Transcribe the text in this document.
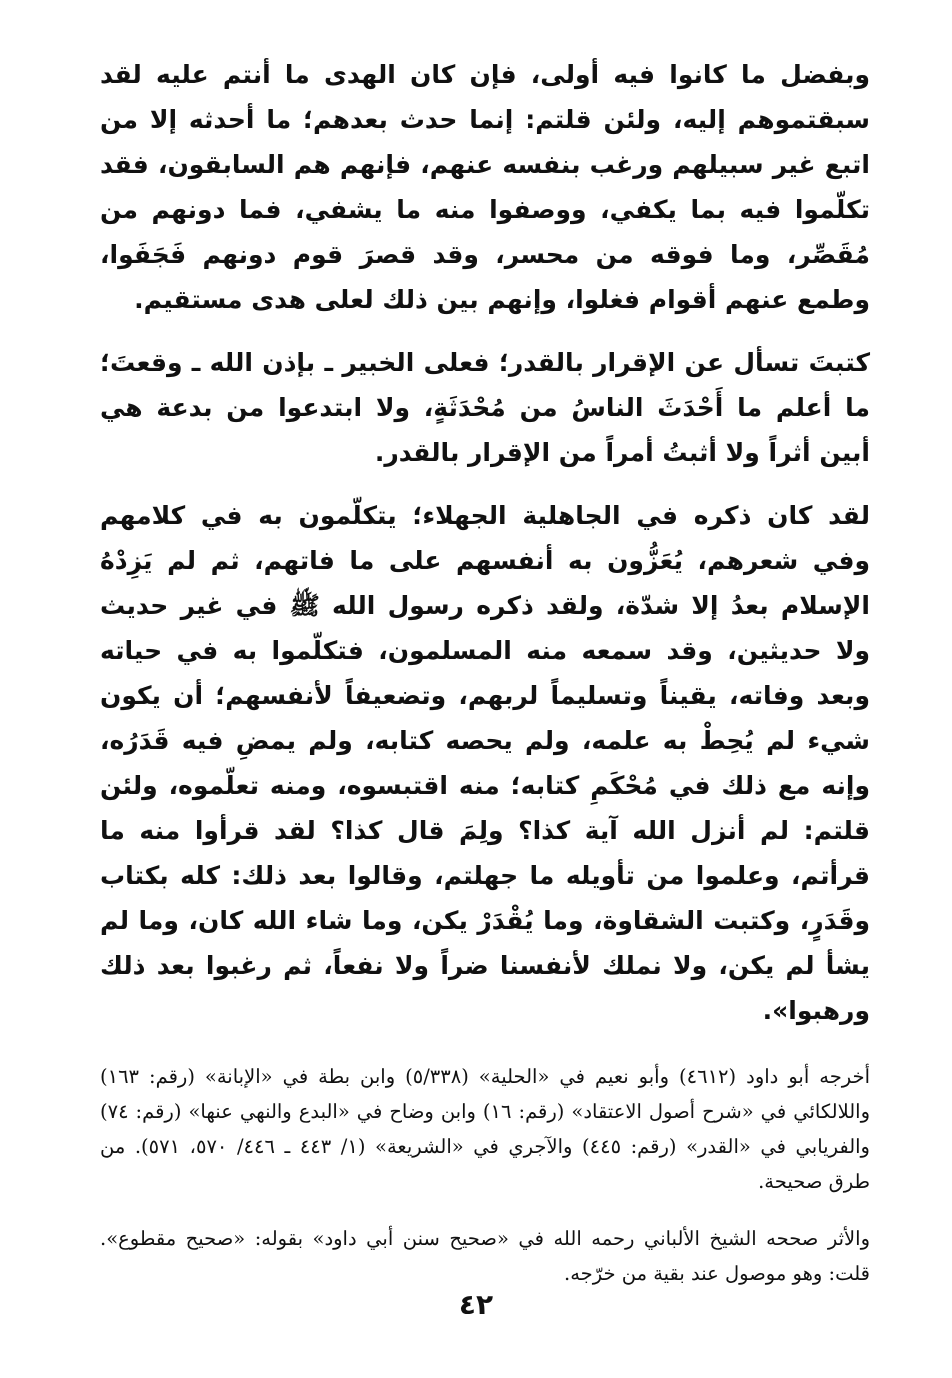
وبفضل ما كانوا فيه أولى، فإن كان الهدى ما أنتم عليه لقد سبقتموهم إليه، ولئن قلتم: إنما حدث بعدهم؛ ما أحدثه إلا من اتبع غير سبيلهم ورغب بنفسه عنهم، فإنهم هم السابقون، فقد تكلّموا فيه بما يكفي، ووصفوا منه ما يشفي، فما دونهم من مُقَصِّر، وما فوقه من محسر، وقد قصرَ قوم دونهم فَجَفَوا، وطمع عنهم أقوام فغلوا، وإنهم بين ذلك لعلى هدى مستقيم.

كتبتَ تسأل عن الإقرار بالقدر؛ فعلى الخبير ـ بإذن الله ـ وقعتَ؛ ما أعلم ما أَحْدَثَ الناسُ من مُحْدَثَةٍ، ولا ابتدعوا من بدعة هي أبين أثراً ولا أثبتُ أمراً من الإقرار بالقدر.

لقد كان ذكره في الجاهلية الجهلاء؛ يتكلّمون به في كلامهم وفي شعرهم، يُعَزُّون به أنفسهم على ما فاتهم، ثم لم يَزِدْهُ الإسلام بعدُ إلا شدّة، ولقد ذكره رسول الله ﷺ في غير حديث ولا حديثين، وقد سمعه منه المسلمون، فتكلّموا به في حياته وبعد وفاته، يقيناً وتسليماً لربهم، وتضعيفاً لأنفسهم؛ أن يكون شيء لم يُحِطْ به علمه، ولم يحصه كتابه، ولم يمضِ فيه قَدَرُه، وإنه مع ذلك في مُحْكَمِ كتابه؛ منه اقتبسوه، ومنه تعلّموه، ولئن قلتم: لم أنزل الله آية كذا؟ ولِمَ قال كذا؟ لقد قرأوا منه ما قرأتم، وعلموا من تأويله ما جهلتم، وقالوا بعد ذلك: كله بكتاب وقَدَرٍ، وكتبت الشقاوة، وما يُقْدَرْ يكن، وما شاء الله كان، وما لم يشأ لم يكن، ولا نملك لأنفسنا ضراً ولا نفعاً، ثم رغبوا بعد ذلك ورهبوا».

أخرجه أبو داود (٤٦١٢) وأبو نعيم في «الحلية» (٥/٣٣٨) وابن بطة في «الإبانة» (رقم: ١٦٣) واللالكائي في «شرح أصول الاعتقاد» (رقم: ١٦) وابن وضاح في «البدع والنهي عنها» (رقم: ٧٤) والفريابي في «القدر» (رقم: ٤٤٥) والآجري في «الشريعة» (١/ ٤٤٣ ـ ٤٤٦/ ٥٧٠، ٥٧١). من طرق صحيحة.

والأثر صححه الشيخ الألباني رحمه الله في «صحيح سنن أبي داود» بقوله: «صحيح مقطوع». قلت: وهو موصول عند بقية من خرّجه.

٤٢
